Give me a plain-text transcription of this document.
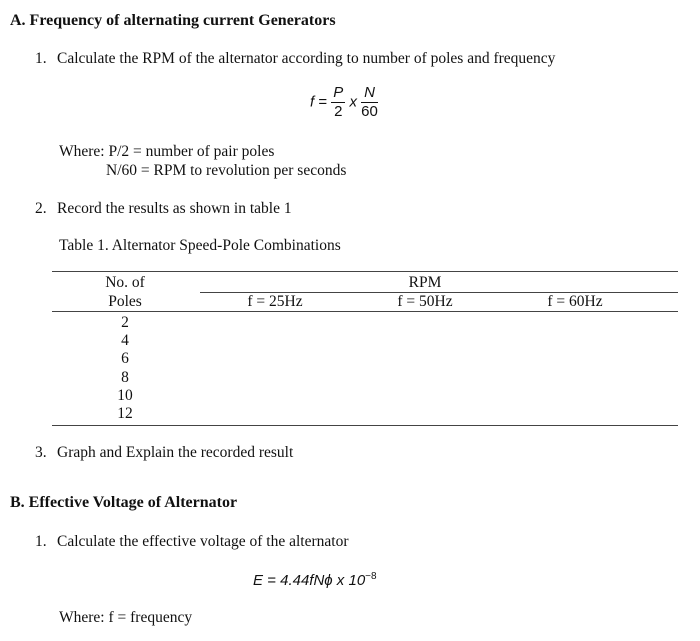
A. Frequency of alternating current Generators
1. Calculate the RPM of the alternator according to number of poles and frequency
$f = \frac{P}{2}$ x $\frac{N}{60}$
Where: P/2 = number of pair poles
N/60 = RPM to revolution per seconds
2. Record the results as shown in table 1
Table 1. Alternator Speed-Pole Combinations
No. of
Poles
RPM
f = 25Hz	f = 50Hz	f = 60Hz
2
4
6
8
10
12
3. Graph and Explain the recorded result
B. Effective Voltage of Alternator
1. Calculate the effective voltage of the alternator
E = 4.44fNϕ x $10^{-8}$
Where: f = frequency
